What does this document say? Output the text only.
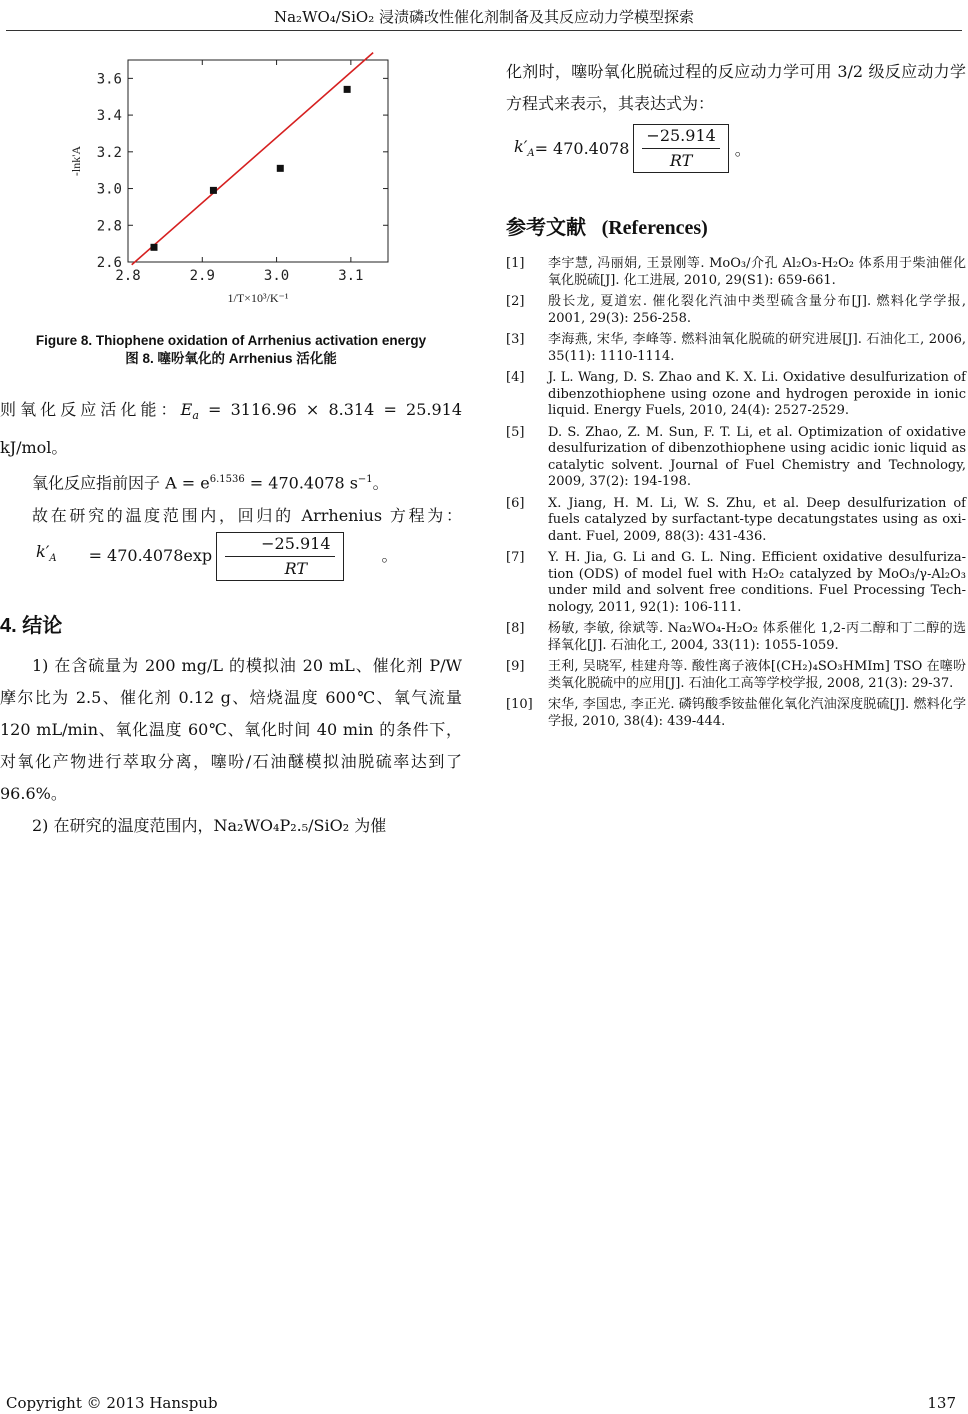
Na₂WO₄/SiO₂ 浸渍磷改性催化剂制备及其反应动力学模型探索
2.8	2.9	3.0	3.1
2.6
2.8
3.0
3.2
3.4
3.6
1/T×10³/K⁻¹
-lnk'A
Figure 8. Thiophene oxidation of Arrhenius activation energy
图 8. 噻吩氧化的 Arrhenius 活化能

则氧化反应活化能：$E_a = 3116.96 \times 8.314 = 25.914$ kJ/mol。

氧化反应指前因子 $A = e^{6.1536} = 470.4078$ $s^{-1}$。

故在研究的温度范围内，回归的 Arrhenius 方程为：
$k'_A$	= $470.4078\exp \frac{-25.914}{RT}$	。

4. 结论

1) 在含硫量为 200 mg/L 的模拟油 20 mL、催化剂 P/W 摩尔比为 2.5、催化剂 0.12 g、焙烧温度 600℃、氧气流量 120 mL/min、氧化温度 60℃、氧化时间 40 min 的条件下，对氧化产物进行萃取分离，噻吩/石油醚模拟油脱硫率达到了 96.6%。

2) 在研究的温度范围内，Na₂WO₄P₂.₅/SiO₂ 为催

化剂时，噻吩氧化脱硫过程的反应动力学可用 3/2 级反应动力学方程式来表示，其表达式为：

$k'_A = 470.4078 \frac{-25.914}{RT}$ 。
参考文献 (References)
[1]	李宇慧, 冯丽娟, 王景刚等. MoO₃/介孔 Al₂O₃-H₂O₂ 体系用于柴油催化氧化脱硫[J]. 化工进展, 2010, 29(S1): 659-661.
[2]	殷长龙, 夏道宏. 催化裂化汽油中类型硫含量分布[J]. 燃料化学学报, 2001, 29(3): 256-258.
[3]	李海燕, 宋华, 李峰等. 燃料油氧化脱硫的研究进展[J]. 石油化工, 2006, 35(11): 1110-1114.
[4]	J. L. Wang, D. S. Zhao and K. X. Li. Oxidative desulfurization of dibenzothiophene using ozone and hydrogen peroxide in ionic liquid. Energy Fuels, 2010, 24(4): 2527-2529.
[5]	D. S. Zhao, Z. M. Sun, F. T. Li, et al. Optimization of oxidative desulfurization of dibenzothiophene using acidic ionic liquid as catalytic solvent. Journal of Fuel Chemistry and Technology, 2009, 37(2): 194-198.
[6]	X. Jiang, H. M. Li, W. S. Zhu, et al. Deep desulfurization of fuels catalyzed by surfactant-type decatungstates using as oxi-dant. Fuel, 2009, 88(3): 431-436.
[7]	Y. H. Jia, G. Li and G. L. Ning. Efficient oxidative desulfuriza-tion (ODS) of model fuel with H₂O₂ catalyzed by MoO₃/γ-Al₂O₃ under mild and solvent free conditions. Fuel Processing Tech-nology, 2011, 92(1): 106-111.
[8]	杨敏, 李敏, 徐斌等. Na₂WO₄-H₂O₂ 体系催化 1,2-丙二醇和丁二醇的选择氧化[J]. 石油化工, 2004, 33(11): 1055-1059.
[9]	王利, 吴晓军, 桂建舟等. 酸性离子液体[(CH₂)₄SO₃HMIm] TSO 在噻吩类氧化脱硫中的应用[J]. 石油化工高等学校学报, 2008, 21(3): 29-37.
[10]	宋华, 李国忠, 李正光. 磷钨酸季铵盐催化氧化汽油深度脱硫[J]. 燃料化学学报, 2010, 38(4): 439-444.
Copyright © 2013 Hanspub	137
